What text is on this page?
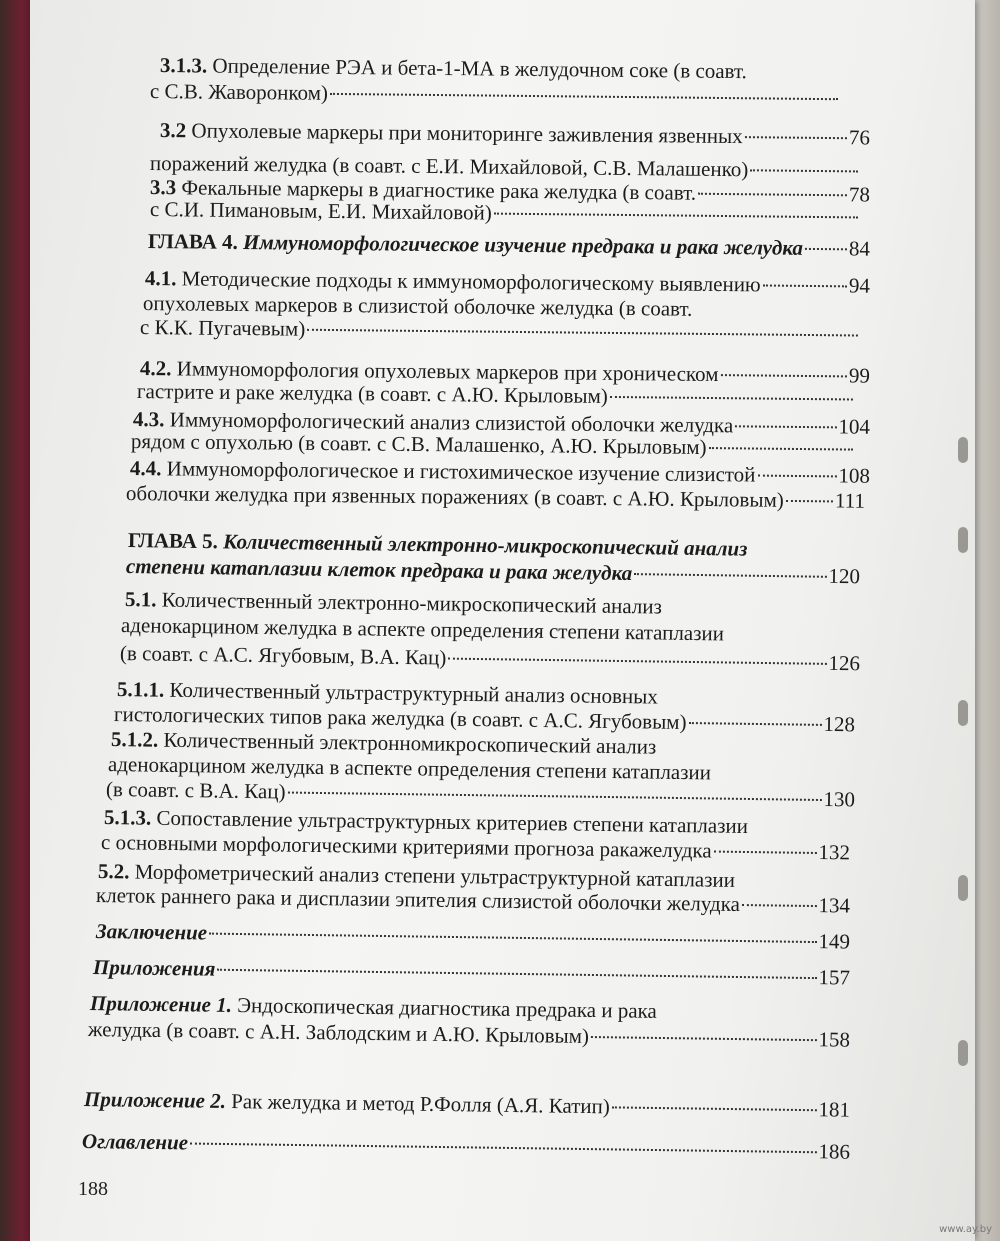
3.1.3. Определение РЭА и бета-1-МА в желудочном соке (в соавт.
с С.В. Жаворонком)
3.2 Опухолевые маркеры при мониторинге заживления язвенных	76
поражений желудка (в соавт. с Е.И. Михайловой, С.В. Малашенко)
3.3 Фекальные маркеры в диагностике рака желудка (в соавт.	78
с С.И. Пимановым, Е.И. Михайловой)
ГЛАВА 4. Иммуноморфологическое изучение предрака и рака желудка 84
4.1. Методические подходы к иммуноморфологическому выявлению	94
опухолевых маркеров в слизистой оболочке желудка (в соавт.
с К.К. Пугачевым)
4.2. Иммуноморфология опухолевых маркеров при хроническом	99
гастрите и раке желудка (в соавт. с А.Ю. Крыловым)
4.3. Иммуноморфологический анализ слизистой оболочки желудка	104
рядом с опухолью (в соавт. с С.В. Малашенко, А.Ю. Крыловым)
4.4. Иммуноморфологическое и гистохимическое изучение слизистой	108
оболочки желудка при язвенных поражениях (в соавт. с А.Ю. Крыловым) 111
ГЛАВА 5. Количественный электронно-микроскопический анализ
степени катаплазии клеток предрака и рака желудка	120
5.1. Количественный электронно-микроскопический анализ
аденокарцином желудка в аспекте определения степени катаплазии
(в соавт. с А.С. Ягубовым, В.А. Кац)	126
5.1.1. Количественный ультраструктурный анализ основных
гистологических типов рака желудка (в соавт. с А.С. Ягубовым)	128
5.1.2. Количественный электронномикроскопический анализ
аденокарцином желудка в аспекте определения степени катаплазии
(в соавт. с В.А. Кац)	130
5.1.3. Сопоставление ультраструктурных критериев степени катаплазии
с основными морфологическими критериями прогноза ракажелудка	132
5.2. Морфометрический анализ степени ультраструктурной катаплазии
клеток раннего рака и дисплазии эпителия слизистой оболочки желудка	134
Заключение	149
Приложения	157
Приложение 1. Эндоскопическая диагностика предрака и рака
желудка (в соавт. с А.Н. Заблодским и А.Ю. Крыловым)	158
Приложение 2. Рак желудка и метод Р.Фолля (А.Я. Катип)	181
Оглавление	186
188
www.ay.by
